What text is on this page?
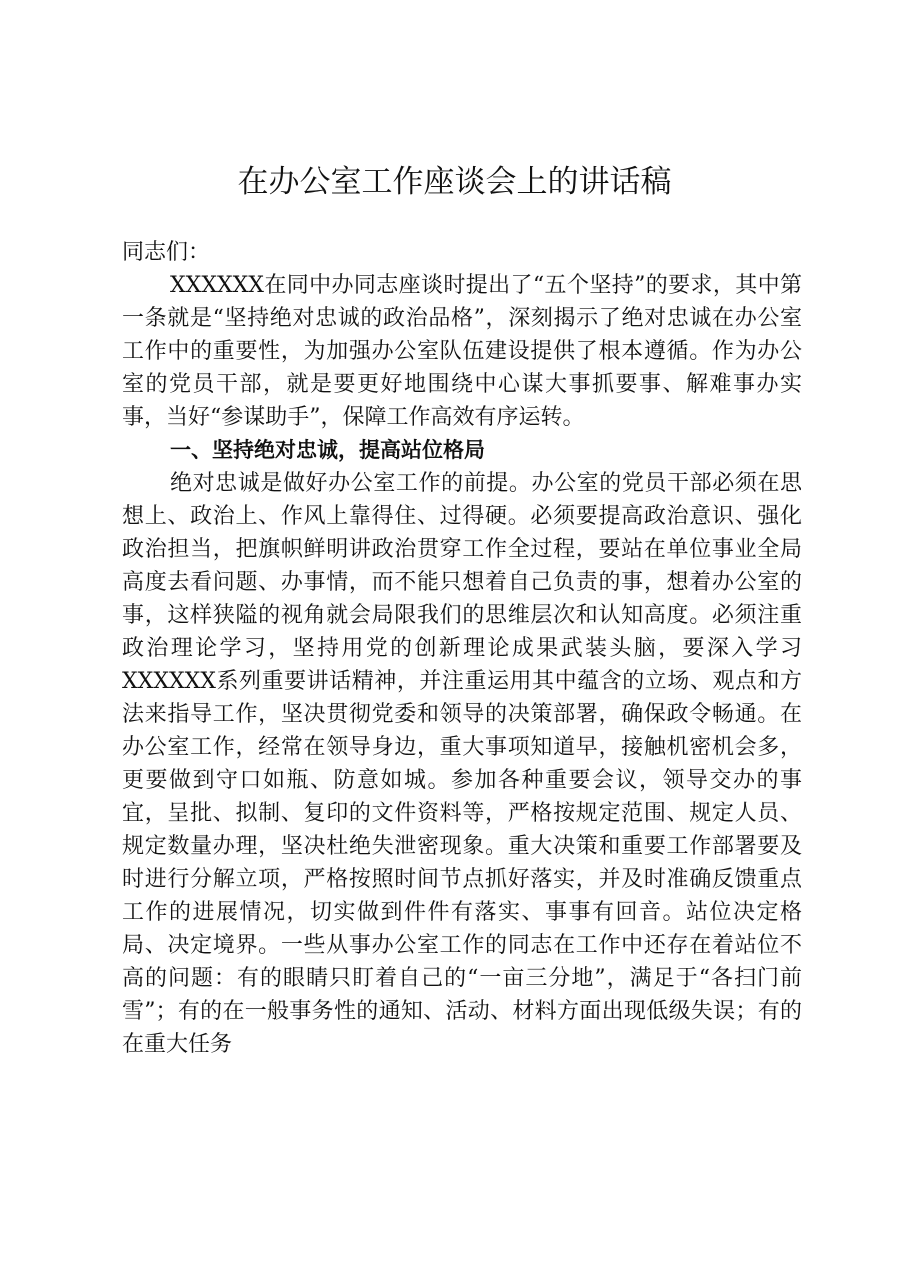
在办公室工作座谈会上的讲话稿

同志们：

XXXXXX在同中办同志座谈时提出了“五个坚持”的要求，其中第一条就是“坚持绝对忠诚的政治品格”，深刻揭示了绝对忠诚在办公室工作中的重要性，为加强办公室队伍建设提供了根本遵循。作为办公室的党员干部，就是要更好地围绕中心谋大事抓要事、解难事办实事，当好“参谋助手”，保障工作高效有序运转。

一、坚持绝对忠诚，提高站位格局

绝对忠诚是做好办公室工作的前提。办公室的党员干部必须在思想上、政治上、作风上靠得住、过得硬。必须要提高政治意识、强化政治担当，把旗帜鲜明讲政治贯穿工作全过程，要站在单位事业全局高度去看问题、办事情，而不能只想着自己负责的事，想着办公室的事，这样狭隘的视角就会局限我们的思维层次和认知高度。必须注重政治理论学习，坚持用党的创新理论成果武装头脑，要深入学习XXXXXX系列重要讲话精神，并注重运用其中蕴含的立场、观点和方法来指导工作，坚决贯彻党委和领导的决策部署，确保政令畅通。在办公室工作，经常在领导身边，重大事项知道早，接触机密机会多，更要做到守口如瓶、防意如城。参加各种重要会议，领导交办的事宜，呈批、拟制、复印的文件资料等，严格按规定范围、规定人员、规定数量办理，坚决杜绝失泄密现象。重大决策和重要工作部署要及时进行分解立项，严格按照时间节点抓好落实，并及时准确反馈重点工作的进展情况，切实做到件件有落实、事事有回音。站位决定格局、决定境界。一些从事办公室工作的同志在工作中还存在着站位不高的问题：有的眼睛只盯着自己的“一亩三分地”，满足于“各扫门前雪”；有的在一般事务性的通知、活动、材料方面出现低级失误；有的在重大任务
